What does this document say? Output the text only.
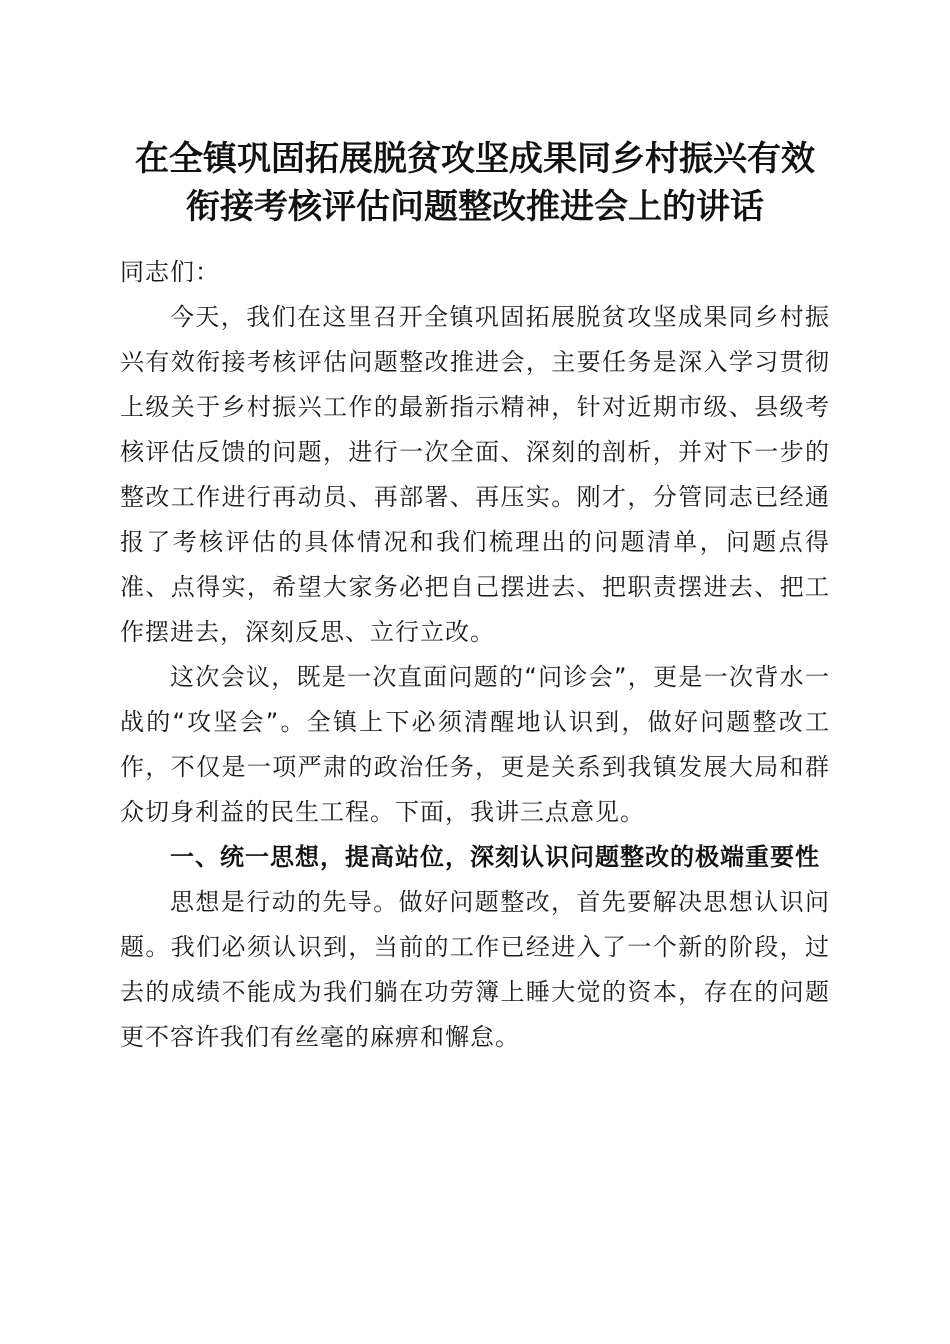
在全镇巩固拓展脱贫攻坚成果同乡村振兴有效
衔接考核评估问题整改推进会上的讲话

同志们：

今天，我们在这里召开全镇巩固拓展脱贫攻坚成果同乡村振兴有效衔接考核评估问题整改推进会，主要任务是深入学习贯彻上级关于乡村振兴工作的最新指示精神，针对近期市级、县级考核评估反馈的问题，进行一次全面、深刻的剖析，并对下一步的整改工作进行再动员、再部署、再压实。刚才，分管同志已经通报了考核评估的具体情况和我们梳理出的问题清单，问题点得准、点得实，希望大家务必把自己摆进去、把职责摆进去、把工作摆进去，深刻反思、立行立改。

这次会议，既是一次直面问题的“问诊会”，更是一次背水一战的“攻坚会”。全镇上下必须清醒地认识到，做好问题整改工作，不仅是一项严肃的政治任务，更是关系到我镇发展大局和群众切身利益的民生工程。下面，我讲三点意见。

一、统一思想，提高站位，深刻认识问题整改的极端重要性

思想是行动的先导。做好问题整改，首先要解决思想认识问题。我们必须认识到，当前的工作已经进入了一个新的阶段，过去的成绩不能成为我们躺在功劳簿上睡大觉的资本，存在的问题更不容许我们有丝毫的麻痹和懈怠。
